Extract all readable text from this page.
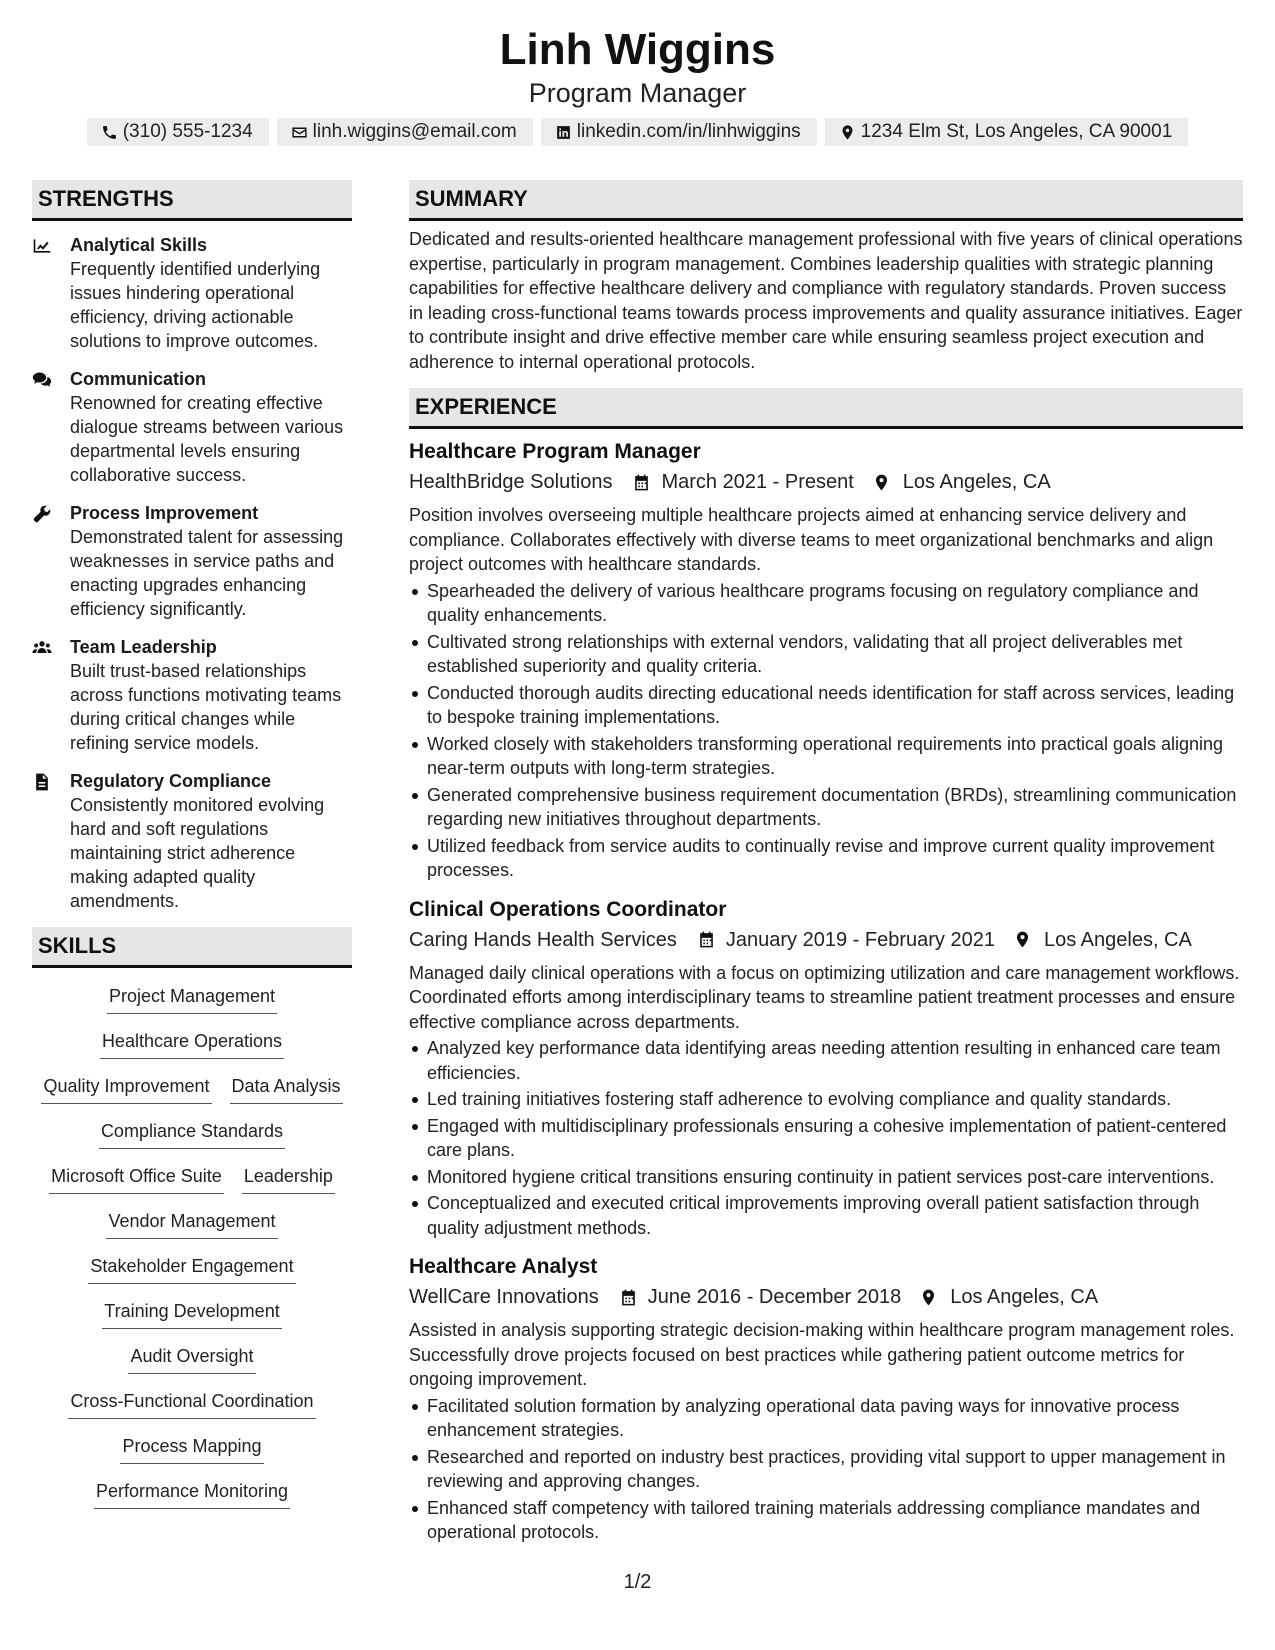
Linh Wiggins
Program Manager
(310) 555-1234	linh.wiggins@email.com	linkedin.com/in/linhwiggins	1234 Elm St, Los Angeles, CA 90001
STRENGTHS
Analytical Skills
Frequently identified underlying issues hindering operational efficiency, driving actionable solutions to improve outcomes.
Communication
Renowned for creating effective dialogue streams between various departmental levels ensuring collaborative success.
Process Improvement
Demonstrated talent for assessing weaknesses in service paths and enacting upgrades enhancing efficiency significantly.
Team Leadership
Built trust-based relationships across functions motivating teams during critical changes while refining service models.
Regulatory Compliance
Consistently monitored evolving hard and soft regulations maintaining strict adherence making adapted quality amendments.
SKILLS
Project Management
Healthcare Operations
Quality Improvement Data Analysis
Compliance Standards
Microsoft Office Suite Leadership
Vendor Management
Stakeholder Engagement
Training Development
Audit Oversight
Cross-Functional Coordination
Process Mapping
Performance Monitoring
SUMMARY
Dedicated and results-oriented healthcare management professional with five years of clinical operations expertise, particularly in program management. Combines leadership qualities with strategic planning capabilities for effective healthcare delivery and compliance with regulatory standards. Proven success in leading cross-functional teams towards process improvements and quality assurance initiatives. Eager to contribute insight and drive effective member care while ensuring seamless project execution and adherence to internal operational protocols.
EXPERIENCE
Healthcare Program Manager
HealthBridge Solutions March 2021 - Present Los Angeles, CA
Position involves overseeing multiple healthcare projects aimed at enhancing service delivery and compliance. Collaborates effectively with diverse teams to meet organizational benchmarks and align project outcomes with healthcare standards.
Spearheaded the delivery of various healthcare programs focusing on regulatory compliance and quality enhancements.
Cultivated strong relationships with external vendors, validating that all project deliverables met established superiority and quality criteria.
Conducted thorough audits directing educational needs identification for staff across services, leading to bespoke training implementations.
Worked closely with stakeholders transforming operational requirements into practical goals aligning near-term outputs with long-term strategies.
Generated comprehensive business requirement documentation (BRDs), streamlining communication regarding new initiatives throughout departments.
Utilized feedback from service audits to continually revise and improve current quality improvement processes.
Clinical Operations Coordinator
Caring Hands Health Services January 2019 - February 2021 Los Angeles, CA
Managed daily clinical operations with a focus on optimizing utilization and care management workflows. Coordinated efforts among interdisciplinary teams to streamline patient treatment processes and ensure effective compliance across departments.
Analyzed key performance data identifying areas needing attention resulting in enhanced care team efficiencies.
Led training initiatives fostering staff adherence to evolving compliance and quality standards.
Engaged with multidisciplinary professionals ensuring a cohesive implementation of patient-centered care plans.
Monitored hygiene critical transitions ensuring continuity in patient services post-care interventions.
Conceptualized and executed critical improvements improving overall patient satisfaction through quality adjustment methods.
Healthcare Analyst
WellCare Innovations June 2016 - December 2018 Los Angeles, CA
Assisted in analysis supporting strategic decision-making within healthcare program management roles. Successfully drove projects focused on best practices while gathering patient outcome metrics for ongoing improvement.
Facilitated solution formation by analyzing operational data paving ways for innovative process enhancement strategies.
Researched and reported on industry best practices, providing vital support to upper management in reviewing and approving changes.
Enhanced staff competency with tailored training materials addressing compliance mandates and operational protocols.
1/2
